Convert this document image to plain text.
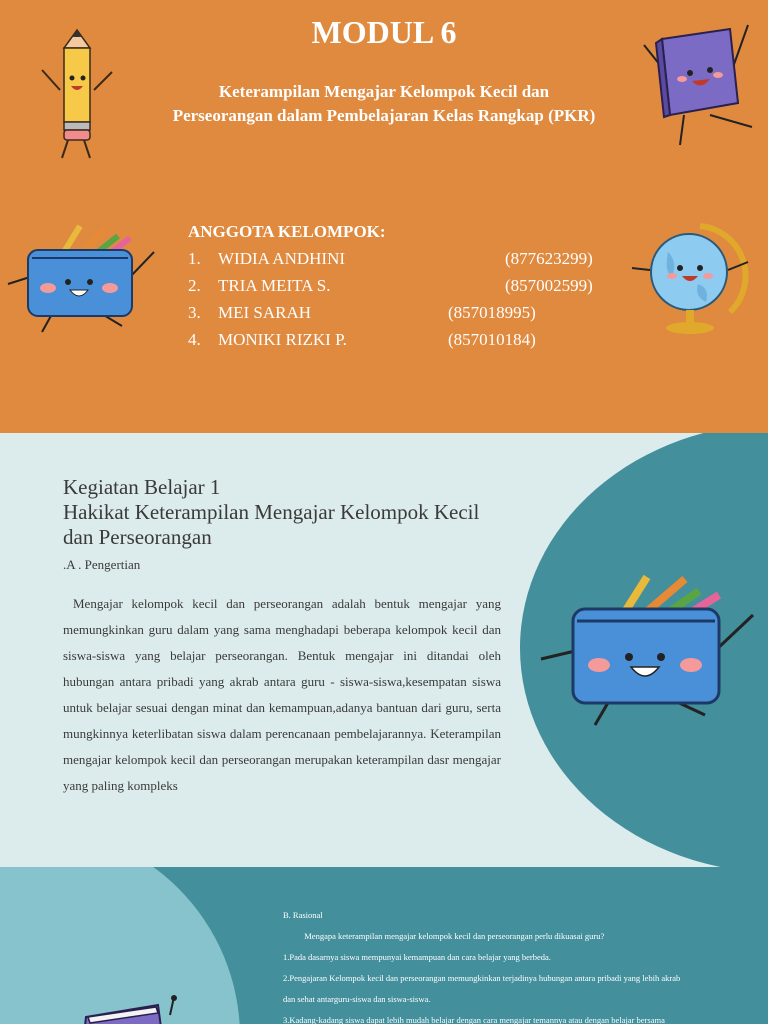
MODUL 6
Keterampilan Mengajar Kelompok Kecil dan
Perseorangan dalam Pembelajaran Kelas Rangkap (PKR)
ANGGOTA KELOMPOK:
1. WIDIA ANDHINI	(877623299)
2. TRIA MEITA S.	(857002599)
3. MEI SARAH	(857018995)
4. MONIKI RIZKI P.	(857010184)
Kegiatan Belajar 1
Hakikat Keterampilan Mengajar Kelompok Kecil
dan Perseorangan
.A . Pengertian
Mengajar kelompok kecil dan perseorangan adalah bentuk mengajar yang memungkinkan guru dalam yang sama menghadapi beberapa kelompok kecil dan siswa-siswa yang belajar perseorangan. Bentuk mengajar ini ditandai oleh hubungan antara pribadi yang akrab antara guru - siswa-siswa,kesempatan siswa untuk belajar sesuai dengan minat dan kemampuan,adanya bantuan dari guru, serta mungkinnya keterlibatan siswa dalam perencanaan pembelajarannya. Keterampilan mengajar kelompok kecil dan perseorangan merupakan keterampilan dasr mengajar yang paling kompleks
B. Rasional
Mengapa keterampilan mengajar kelompok kecil dan perseorangan perlu dikuasai guru?
1.Pada dasarnya siswa mempunyai kemampuan dan cara belajar yang berbeda.
2.Pengajaran Kelompok kecil dan perseorangan memungkinkan terjadinya hubungan antara pribadi yang lebih akrab
dan sehat antarguru-siswa dan siswa-siswa.
3.Kadang-kadang siswa dapat lebih mudah belajar dengan cara mengajar temannya atau dengan belajar bersama
